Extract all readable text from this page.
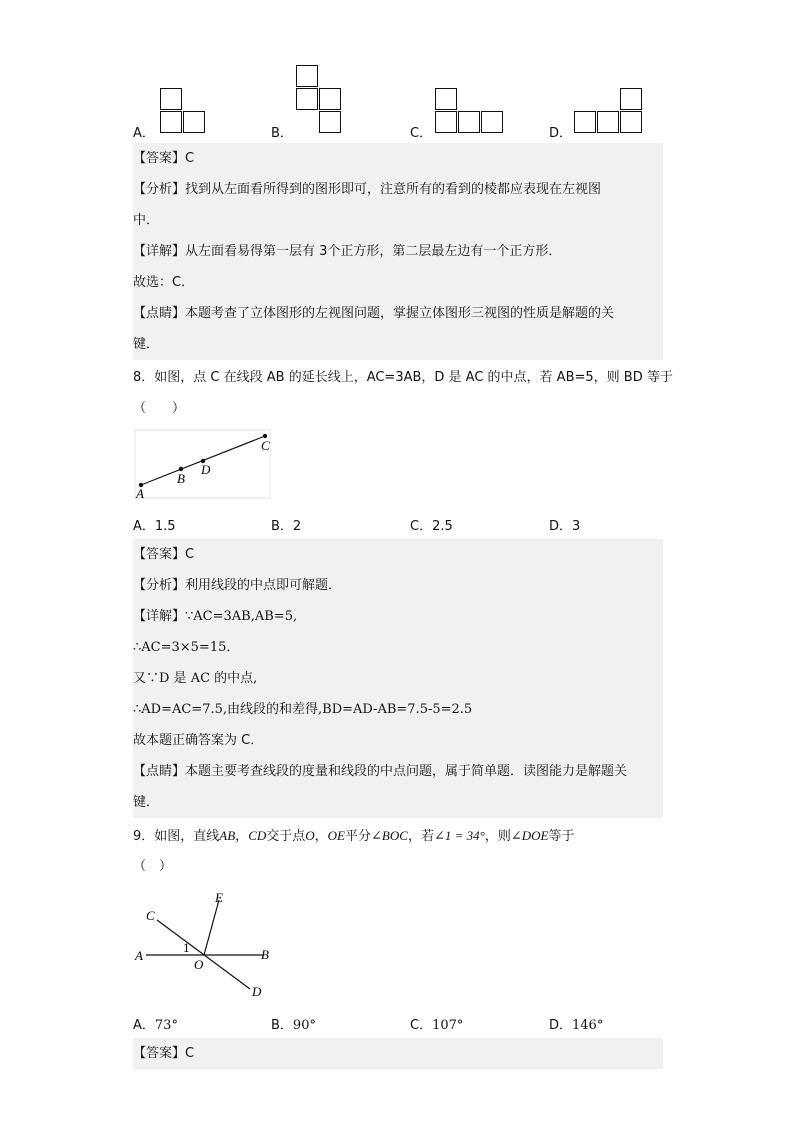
A．	B．	C．	D．
【答案】C
【分析】找到从左面看所得到的图形即可，注意所有的看到的棱都应表现在左视图
中．
【详解】从左面看易得第一层有 3个正方形，第二层最左边有一个正方形．
故选：C．
【点睛】本题考查了立体图形的左视图问题，掌握立体图形三视图的性质是解题的关
键．
8．如图，点 C 在线段 AB 的延长线上，AC=3AB，D 是 AC 的中点，若 AB=5，则 BD 等于
（　　）
A
B
D
C
A．1.5	B．2	C．2.5	D．3
【答案】C
【分析】利用线段的中点即可解题．
【详解】∵AC=3AB,AB=5,
∴AC=3×5=15．
又∵D 是 AC 的中点,
∴AD=AC=7.5,由线段的和差得,BD=AD-AB=7.5-5=2.5
故本题正确答案为 C．
【点睛】本题主要考查线段的度量和线段的中点问题，属于简单题．读图能力是解题关
键．
9．如图，直线AB，CD交于点O，OE平分∠BOC，若∠1 = 34°，则∠DOE等于
（　）
C
E
A	1
O
B
D
A．73°	B．90°	C．107°	D．146°
【答案】C
